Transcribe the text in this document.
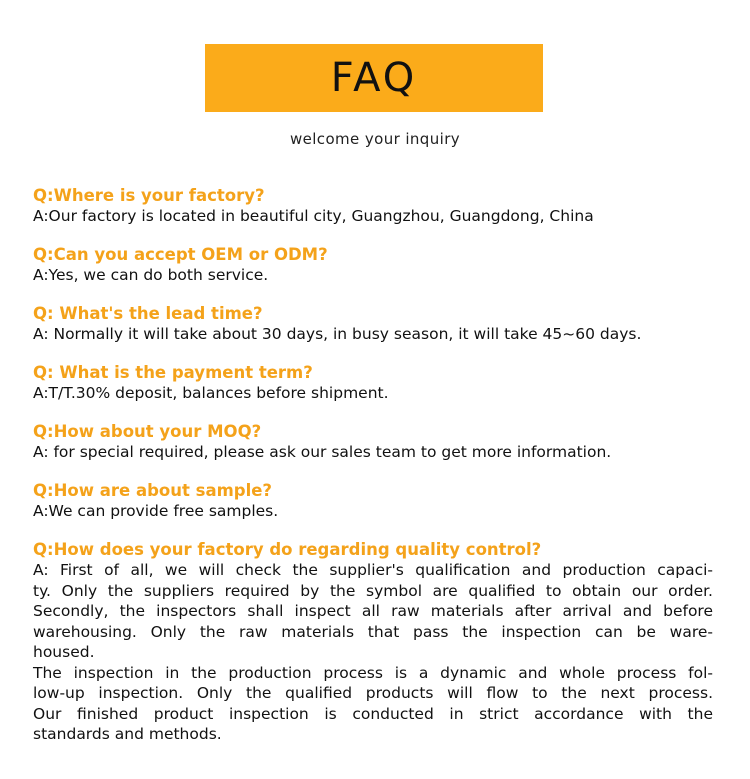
FAQ
welcome your inquiry
Q:Where is your factory?
A:Our factory is located in beautiful city, Guangzhou, Guangdong, China
Q:Can you accept OEM or ODM?
A:Yes, we can do both service.
Q: What's the lead time?
A: Normally it will take about 30 days, in busy season, it will take 45~60 days.
Q: What is the payment term?
A:T/T.30% deposit, balances before shipment.
Q:How about your MOQ?
A: for special required, please ask our sales team to get more information.
Q:How are about sample?
A:We can provide free samples.
Q:How does your factory do regarding quality control?
A: First of all, we will check the supplier's qualification and production capaci-
ty. Only the suppliers required by the symbol are qualified to obtain our order.
Secondly, the inspectors shall inspect all raw materials after arrival and before
warehousing. Only the raw materials that pass the inspection can be ware-
housed.
The inspection in the production process is a dynamic and whole process fol-
low-up inspection. Only the qualified products will flow to the next process.
Our finished product inspection is conducted in strict accordance with the
standards and methods.
